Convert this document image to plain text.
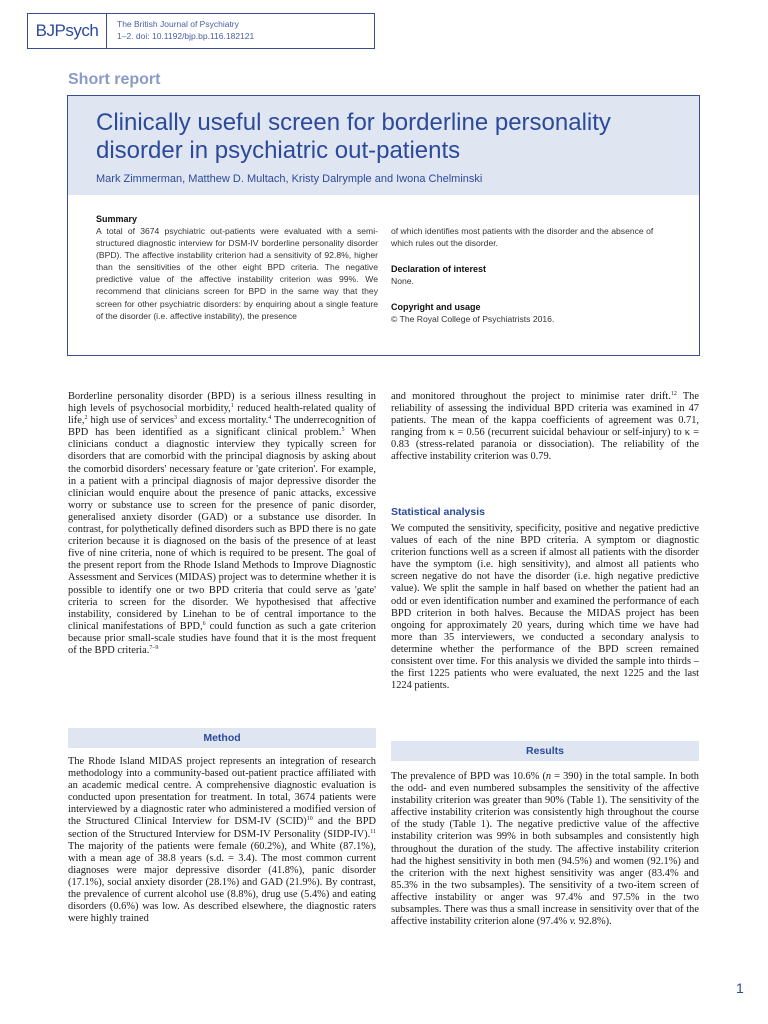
BJPsych	The British Journal of Psychiatry
1–2. doi: 10.1192/bjp.bp.116.182121
Short report
Clinically useful screen for borderline personality disorder in psychiatric out-patients
Mark Zimmerman, Matthew D. Multach, Kristy Dalrymple and Iwona Chelminski
Summary

A total of 3674 psychiatric out-patients were evaluated with a semi-structured diagnostic interview for DSM-IV borderline personality disorder (BPD). The affective instability criterion had a sensitivity of 92.8%, higher than the sensitivities of the other eight BPD criteria. The negative predictive value of the affective instability criterion was 99%. We recommend that clinicians screen for BPD in the same way that they screen for other psychiatric disorders: by enquiring about a single feature of the disorder (i.e. affective instability), the presence

of which identifies most patients with the disorder and the absence of which rules out the disorder.

Declaration of interest

None.

Copyright and usage

© The Royal College of Psychiatrists 2016.

Borderline personality disorder (BPD) is a serious illness resulting in high levels of psychosocial morbidity,$^1$ reduced health-related quality of life,$^2$ high use of services$^3$ and excess mortality.$^4$ The underrecognition of BPD has been identified as a significant clinical problem.$^5$ When clinicians conduct a diagnostic interview they typically screen for disorders that are comorbid with the principal diagnosis by asking about the comorbid disorders' necessary feature or 'gate criterion'. For example, in a patient with a principal diagnosis of major depressive disorder the clinician would enquire about the presence of panic attacks, excessive worry or substance use to screen for the presence of panic disorder, generalised anxiety disorder (GAD) or a substance use disorder. In contrast, for polythetically defined disorders such as BPD there is no gate criterion because it is diagnosed on the basis of the presence of at least five of nine criteria, none of which is required to be present. The goal of the present report from the Rhode Island Methods to Improve Diagnostic Assessment and Services (MIDAS) project was to determine whether it is possible to identify one or two BPD criteria that could serve as 'gate' criteria to screen for the disorder. We hypothesised that affective instability, considered by Linehan to be of central importance to the clinical manifestations of BPD,$^6$ could function as such a gate criterion because prior small-scale studies have found that it is the most frequent of the BPD criteria.$^{7-9}$

Method

The Rhode Island MIDAS project represents an integration of research methodology into a community-based out-patient practice affiliated with an academic medical centre. A comprehensive diagnostic evaluation is conducted upon presentation for treatment. In total, 3674 patients were interviewed by a diagnostic rater who administered a modified version of the Structured Clinical Interview for DSM-IV (SCID)$^{10}$ and the BPD section of the Structured Interview for DSM-IV Personality (SIDP-IV).$^{11}$ The majority of the patients were female (60.2%), and White (87.1%), with a mean age of 38.8 years (s.d. = 3.4). The most common current diagnoses were major depressive disorder (41.8%), panic disorder (17.1%), social anxiety disorder (28.1%) and GAD (21.9%). By contrast, the prevalence of current alcohol use (8.8%), drug use (5.4%) and eating disorders (0.6%) was low. As described elsewhere, the diagnostic raters were highly trained

and monitored throughout the project to minimise rater drift.$^{12}$ The reliability of assessing the individual BPD criteria was examined in 47 patients. The mean of the kappa coefficients of agreement was 0.71, ranging from κ = 0.56 (recurrent suicidal behaviour or self-injury) to κ = 0.83 (stress-related paranoia or dissociation). The reliability of the affective instability criterion was 0.79.

Statistical analysis

We computed the sensitivity, specificity, positive and negative predictive values of each of the nine BPD criteria. A symptom or diagnostic criterion functions well as a screen if almost all patients with the disorder have the symptom (i.e. high sensitivity), and almost all patients who screen negative do not have the disorder (i.e. high negative predictive value). We split the sample in half based on whether the patient had an odd or even identification number and examined the performance of each BPD criterion in both halves. Because the MIDAS project has been ongoing for approximately 20 years, during which time we have had more than 35 interviewers, we conducted a secondary analysis to determine whether the performance of the BPD screen remained consistent over time. For this analysis we divided the sample into thirds – the first 1225 patients who were evaluated, the next 1225 and the last 1224 patients.

Results

The prevalence of BPD was 10.6% (n = 390) in the total sample. In both the odd- and even numbered subsamples the sensitivity of the affective instability criterion was greater than 90% (Table 1). The sensitivity of the affective instability criterion was consistently high throughout the course of the study (Table 1). The negative predictive value of the affective instability criterion was 99% in both subsamples and consistently high throughout the duration of the study. The affective instability criterion had the highest sensitivity in both men (94.5%) and women (92.1%) and the criterion with the next highest sensitivity was anger (83.4% and 85.3% in the two subsamples). The sensitivity of a two-item screen of affective instability or anger was 97.4% and 97.5% in the two subsamples. There was thus a small increase in sensitivity over that of the affective instability criterion alone (97.4% v. 92.8%).

1
